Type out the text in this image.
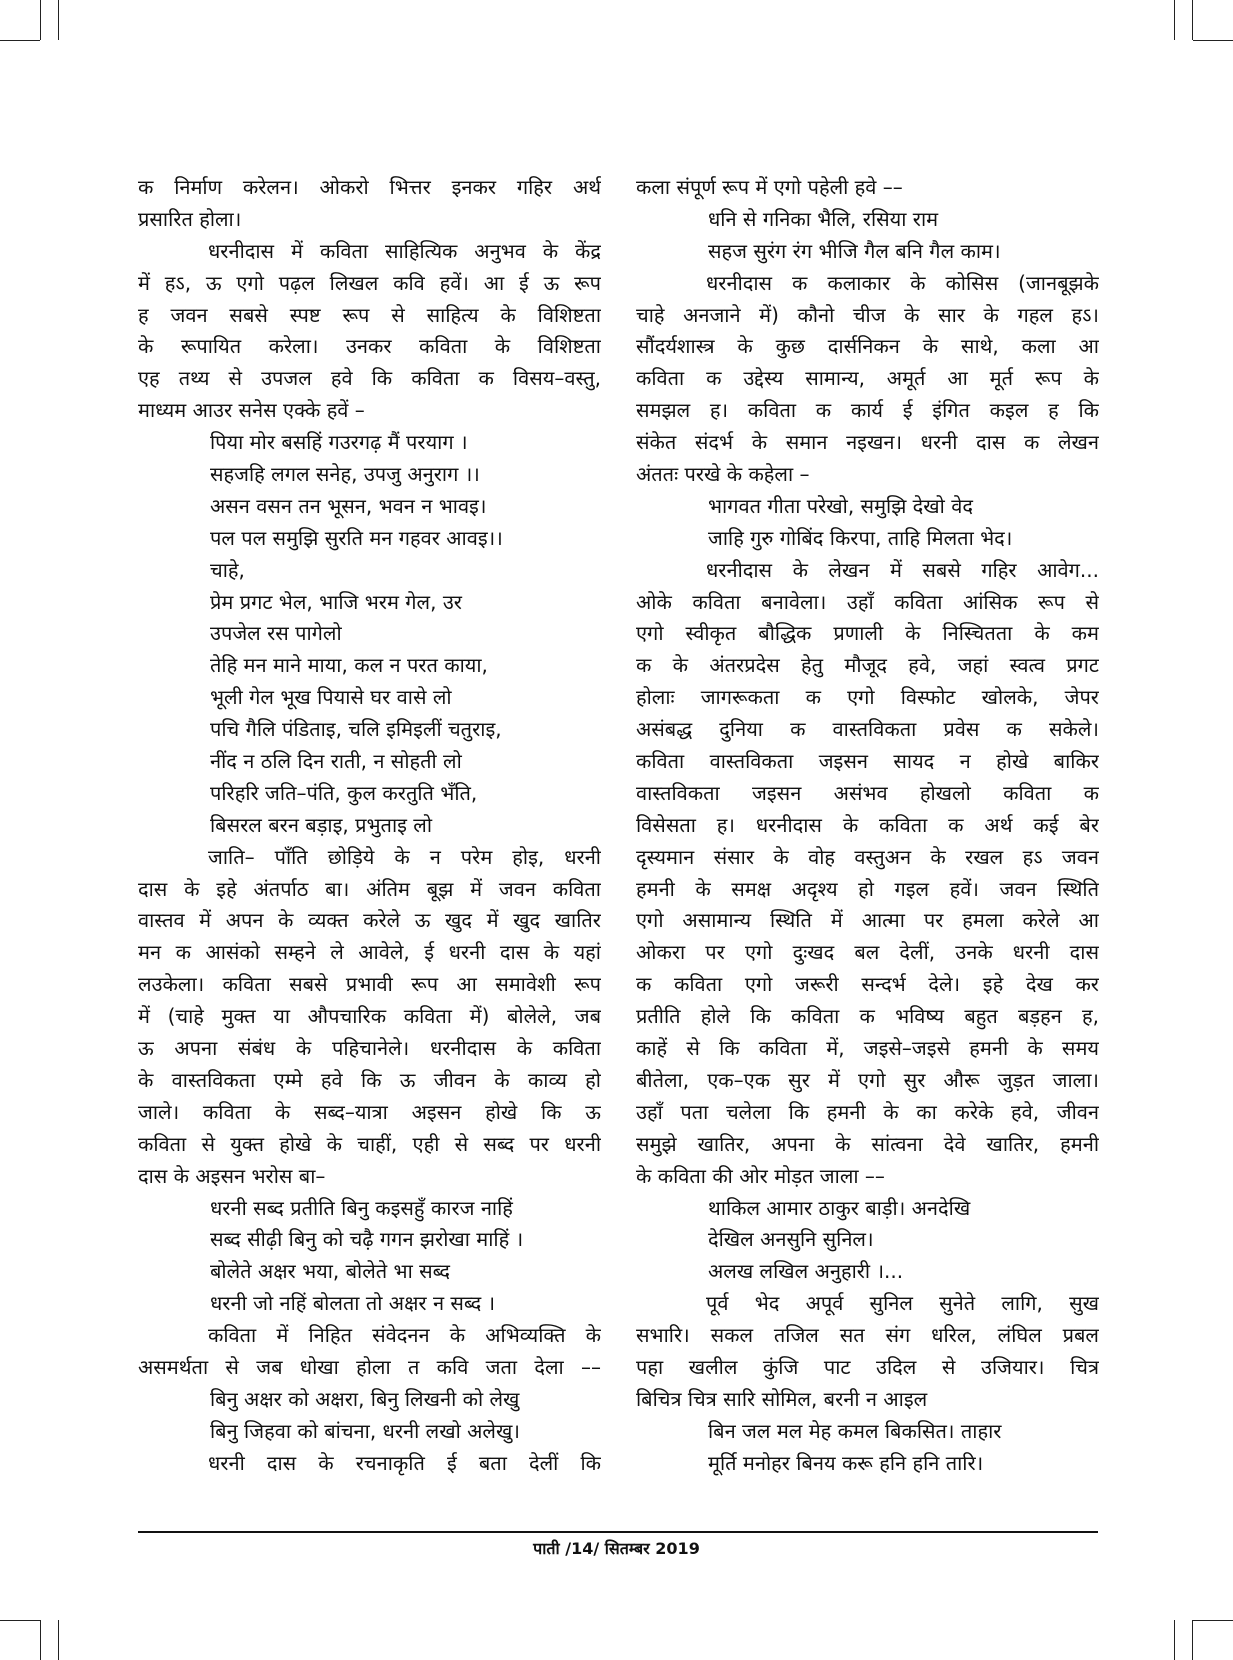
क निर्माण करेलन। ओकरो भित्तर इनकर गहिर अर्थ
प्रसारित होला।
धरनीदास में कविता साहित्यिक अनुभव के केंद्र
में हऽ, ऊ एगो पढ़ल लिखल कवि हवें। आ ई ऊ रूप
ह जवन सबसे स्पष्ट रूप से साहित्य के विशिष्टता
के रूपायित करेला। उनकर कविता के विशिष्टता
एह तथ्य से उपजल हवे कि कविता क विसय–वस्तु,
माध्यम आउर सनेस एक्के हवें –
पिया मोर बसहिं गउरगढ़ मैं परयाग ।
सहजहि लगल सनेह, उपजु अनुराग ।।
असन वसन तन भूसन, भवन न भावइ।
पल पल समुझि सुरति मन गहवर आवइ।।
चाहे,
प्रेम प्रगट भेल, भाजि भरम गेल, उर
उपजेल रस पागेलो
तेहि मन माने माया, कल न परत काया,
भूली गेल भूख पियासे घर वासे लो
पचि गैलि पंडिताइ, चलि इमिइलीं चतुराइ,
नींद न ठलि दिन राती, न सोहती लो
परिहरि जति–पंति, कुल करतुति भँति,
बिसरल बरन बड़ाइ, प्रभुताइ लो
जाति– पाँति छोड़िये के न परेम होइ, धरनी
दास के इहे अंतर्पाठ बा। अंतिम बूझ में जवन कविता
वास्तव में अपन के व्यक्त करेले ऊ खुद में खुद खातिर
मन क आसंको सम्हने ले आवेले, ई धरनी दास के यहां
लउकेला। कविता सबसे प्रभावी रूप आ समावेशी रूप
में (चाहे मुक्त या औपचारिक कविता में) बोलेले, जब
ऊ अपना संबंध के पहिचानेले। धरनीदास के कविता
के वास्तविकता एम्मे हवे कि ऊ जीवन के काव्य हो
जाले। कविता के सब्द–यात्रा अइसन होखे कि ऊ
कविता से युक्त होखे के चाहीं, एही से सब्द पर धरनी
दास के अइसन भरोस बा–
धरनी सब्द प्रतीति बिनु कइसहुँ कारज नाहिं
सब्द सीढ़ी बिनु को चढ़ै गगन झरोखा माहिं ।
बोलेते अक्षर भया, बोलेते भा सब्द
धरनी जो नहिं बोलता तो अक्षर न सब्द ।
कविता में निहित संवेदनन के अभिव्यक्ति के
असमर्थता से जब धोखा होला त कवि जता देला ––
बिनु अक्षर को अक्षरा, बिनु लिखनी को लेखु
बिनु जिहवा को बांचना, धरनी लखो अलेखु।
धरनी दास के रचनाकृति ई बता देलीं कि
कला संपूर्ण रूप में एगो पहेली हवे ––
धनि से गनिका भैलि, रसिया राम
सहज सुरंग रंग भीजि गैल बनि गैल काम।
धरनीदास क कलाकार के कोसिस (जानबूझके
चाहे अनजाने में) कौनो चीज के सार के गहल हऽ।
सौंदर्यशास्त्र के कुछ दार्सनिकन के साथे, कला आ
कविता क उद्देस्य सामान्य, अमूर्त आ मूर्त रूप के
समझल ह। कविता क कार्य ई इंगित कइल ह कि
संकेत संदर्भ के समान नइखन। धरनी दास क लेखन
अंततः परखे के कहेला –
भागवत गीता परेखो, समुझि देखो वेद
जाहि गुरु गोबिंद किरपा, ताहि मिलता भेद।
धरनीदास के लेखन में सबसे गहिर आवेग...
ओके कविता बनावेला। उहाँ कविता आंसिक रूप से
एगो स्वीकृत बौद्धिक प्रणाली के निस्चितता के कम
क के अंतरप्रदेस हेतु मौजूद हवे, जहां स्वत्व प्रगट
होलाः जागरूकता क एगो विस्फोट खोलके, जेपर
असंबद्ध दुनिया क वास्तविकता प्रवेस क सकेले।
कविता वास्तविकता जइसन सायद न होखे बाकिर
वास्तविकता जइसन असंभव होखलो कविता क
विसेसता ह। धरनीदास के कविता क अर्थ कई बेर
दृस्यमान संसार के वोह वस्तुअन के रखल हऽ जवन
हमनी के समक्ष अदृश्य हो गइल हवें। जवन स्थिति
एगो असामान्य स्थिति में आत्मा पर हमला करेले आ
ओकरा पर एगो दुःखद बल देलीं, उनके धरनी दास
क कविता एगो जरूरी सन्दर्भ देले। इहे देख कर
प्रतीति होले कि कविता क भविष्य बहुत बड़हन ह,
काहें से कि कविता में, जइसे–जइसे हमनी के समय
बीतेला, एक–एक सुर में एगो सुर औरू जुड़त जाला।
उहाँ पता चलेला कि हमनी के का करेके हवे, जीवन
समुझे खातिर, अपना के सांत्वना देवे खातिर, हमनी
के कविता की ओर मोड़त जाला ––
थाकिल आमार ठाकुर बाड़ी। अनदेखि
देखिल अनसुनि सुनिल।
अलख लखिल अनुहारी ।...
पूर्व भेद अपूर्व सुनिल सुनेते लागि, सुख
सभारि। सकल तजिल सत संग धरिल, लंघिल प्रबल
पहा खलील कुंजि पाट उदिल से उजियार। चित्र
बिचित्र चित्र सारि सोमिल, बरनी न आइल
बिन जल मल मेह कमल बिकसित। ताहार
मूर्ति मनोहर बिनय करू हनि हनि तारि।
पाती /14/ सितम्बर 2019
